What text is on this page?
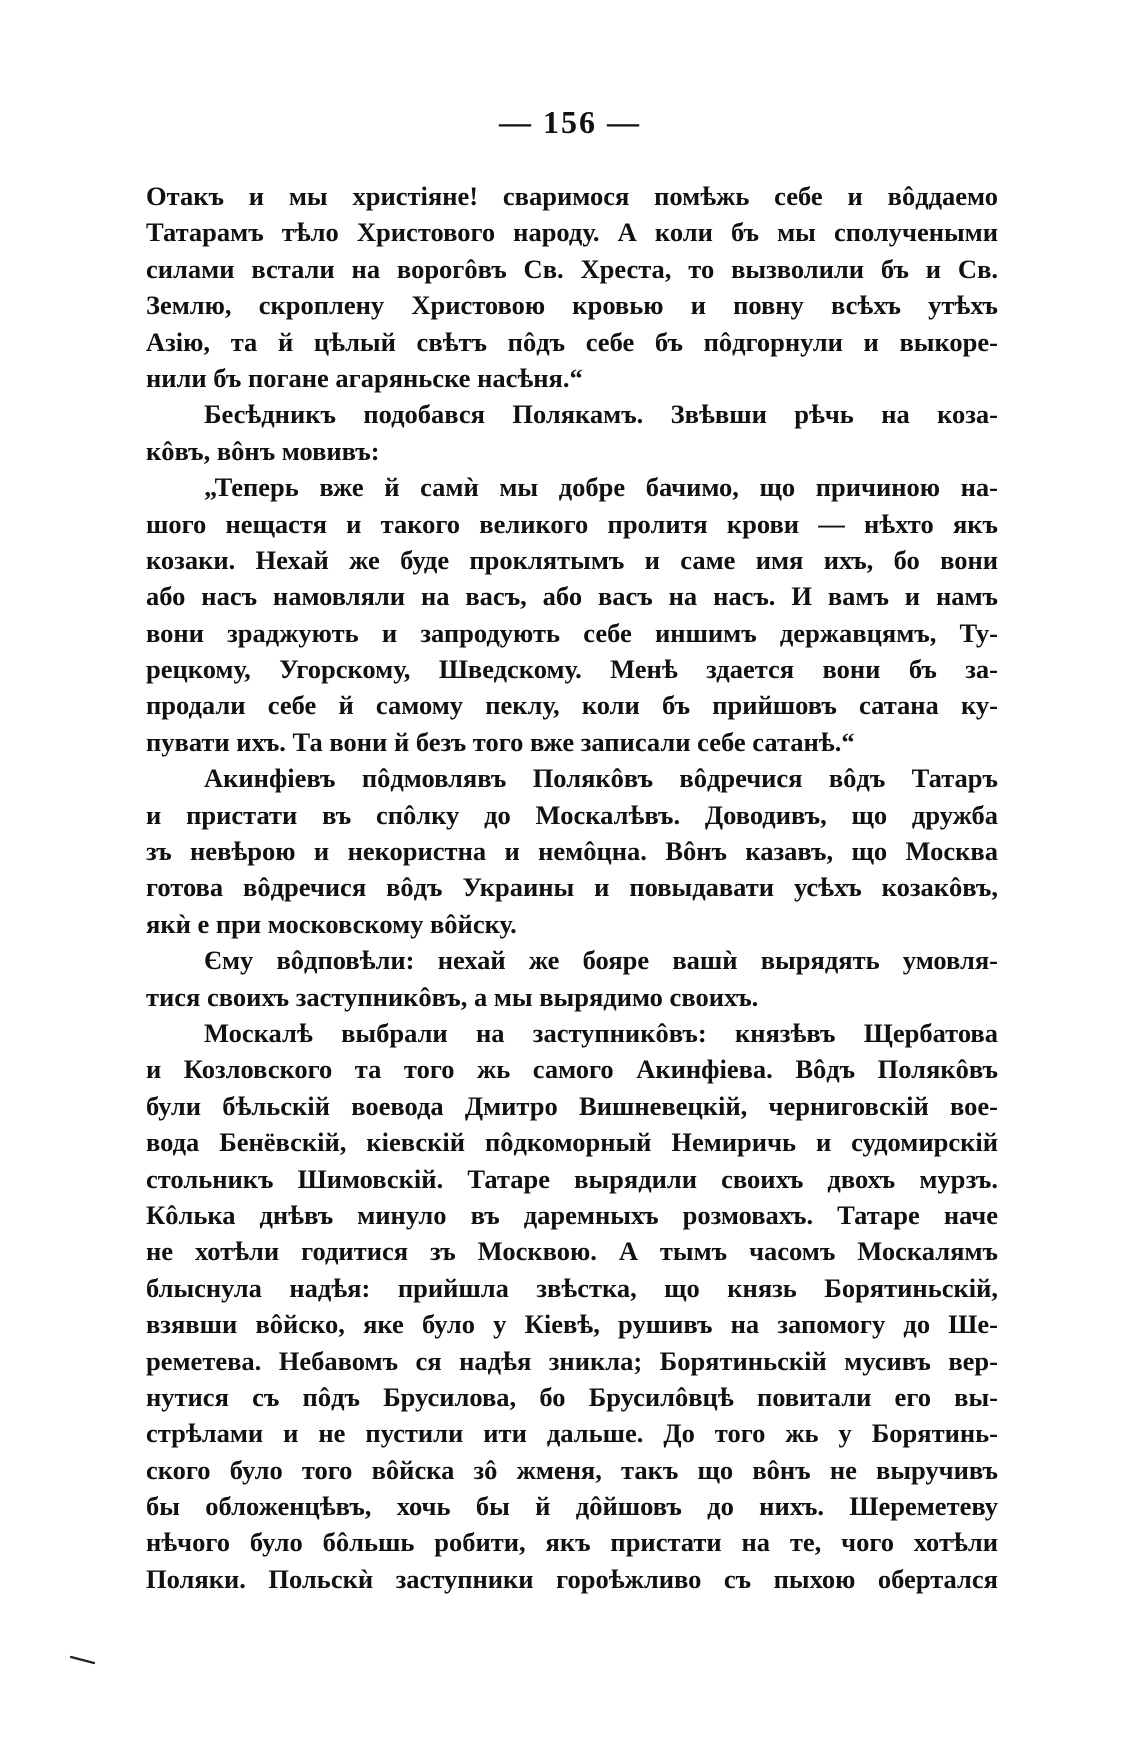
— 156 —
Отакъ и мы христіяне! сваримося помѣжь себе и вôддаемо
Татарамъ тѣло Христового народу. А коли бъ мы сполучеными
силами встали на ворогôвъ Св. Хреста, то вызволили бъ и Св.
Землю, скроплену Христовою кровью и повну всѣхъ утѣхъ
Азію, та й цѣлый свѣтъ пôдъ себе бъ пôдгорнули и выкоре-
нили бъ погане агаряньске насѣня.“
Бесѣдникъ подобався Полякамъ. Звѣвши рѣчь на коза-
кôвъ, вôнъ мовивъ:
„Теперь вже й самѝ мы добре бачимо, що причиною на-
шого нещастя и такого великого пролитя крови — нѣхто якъ
козаки. Нехай же буде проклятымъ и саме имя ихъ, бо вони
або насъ намовляли на васъ, або васъ на насъ. И вамъ и намъ
вони зраджують и запродують себе иншимъ державцямъ, Ту-
рецкому, Угорскому, Шведскому. Менѣ здается вони бъ за-
продали себе й самому пеклу, коли бъ прийшовъ сатана ку-
пувати ихъ. Та вони й безъ того вже записали себе сатанѣ.“
Акинфіевъ пôдмовлявъ Полякôвъ вôдречися вôдъ Татаръ
и пристати въ спôлку до Москалѣвъ. Доводивъ, що дружба
зъ невѣрою и некористна и немôцна. Вôнъ казавъ, що Москва
готова вôдречися вôдъ Украины и повыдавати усѣхъ козакôвъ,
якѝ е при московскому вôйску.
Єму вôдповѣли: нехай же бояре вашѝ вырядять умовля-
тися своихъ заступникôвъ, а мы вырядимо своихъ.
Москалѣ выбрали на заступникôвъ: князѣвъ Щербатова
и Козловского та того жь самого Акинфіева. Вôдъ Полякôвъ
були бѣльскій воевода Дмитро Вишневецкій, черниговскій вое-
вода Бенёвскій, кіевскій пôдкоморный Немиричь и судомирскій
стольникъ Шимовскій. Татаре вырядили своихъ двохъ мурзъ.
Кôлька днѣвъ минуло въ даремныхъ розмовахъ. Татаре наче
не хотѣли годитися зъ Москвою. А тымъ часомъ Москалямъ
блыснула надѣя: прийшла звѣстка, що князь Борятиньскій,
взявши вôйско, яке було у Кіевѣ, рушивъ на запомогу до Ше-
реметева. Небавомъ ся надѣя зникла; Борятиньскій мусивъ вер-
нутися съ пôдъ Брусилова, бо Брусилôвцѣ повитали его вы-
стрѣлами и не пустили ити дальше. До того жь у Борятинь-
ского було того вôйска зô жменя, такъ що вôнъ не выручивъ
бы обложенцѣвъ, хочь бы й дôйшовъ до нихъ. Шереметеву
нѣчого було бôльшь робити, якъ пристати на те, чого хотѣли
Поляки. Польскѝ заступники гороѣжливо съ пыхою обертался
